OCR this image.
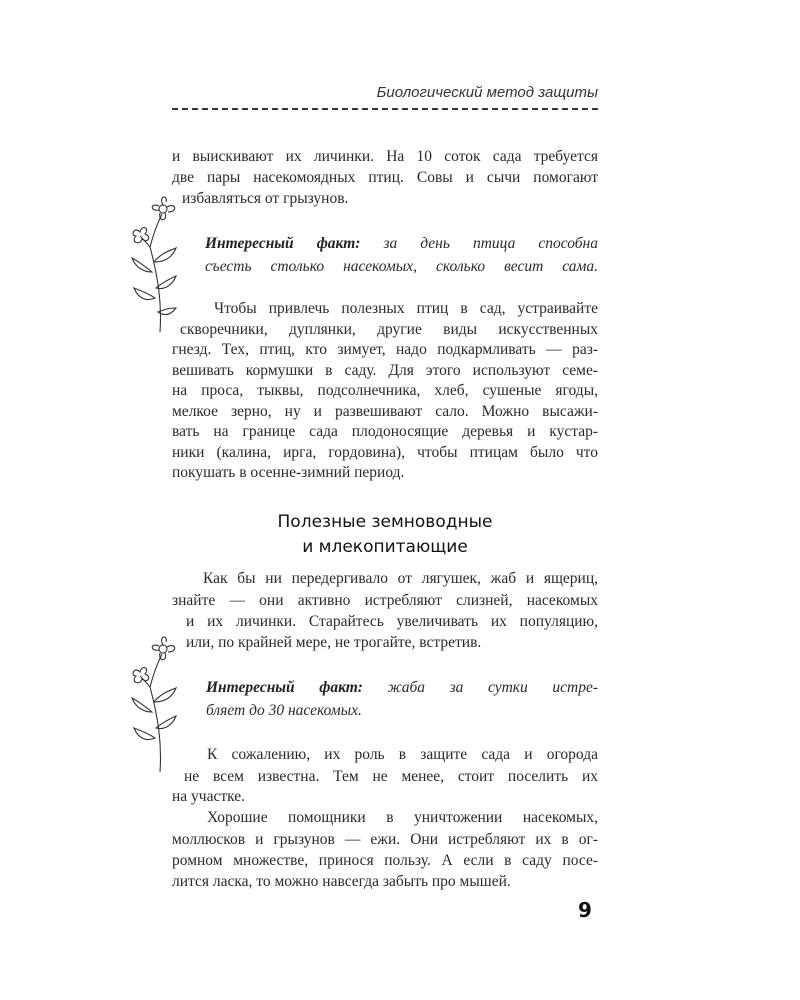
Биологический метод защиты
и выискивают их личинки. На 10 соток сада требуется
две пары насекомоядных птиц. Совы и сычи помогают
избавляться от грызунов.
Интересный факт: за день птица способна
съесть столько насекомых, сколько весит сама.
Чтобы привлечь полезных птиц в сад, устраивайте
скворечники, дуплянки, другие виды искусственных
гнезд. Тех, птиц, кто зимует, надо подкармливать — раз-
вешивать кормушки в саду. Для этого используют семе-
на проса, тыквы, подсолнечника, хлеб, сушеные ягоды,
мелкое зерно, ну и развешивают сало. Можно высажи-
вать на границе сада плодоносящие деревья и кустар-
ники (калина, ирга, гордовина), чтобы птицам было что
покушать в осенне-зимний период.
Полезные земноводные
и млекопитающие
Как бы ни передергивало от лягушек, жаб и ящериц,
знайте — они активно истребляют слизней, насекомых
и их личинки. Старайтесь увеличивать их популяцию,
или, по крайней мере, не трогайте, встретив.
Интересный факт: жаба за сутки истре-
бляет до 30 насекомых.
К сожалению, их роль в защите сада и огорода
не всем известна. Тем не менее, стоит поселить их
на участке.
Хорошие помощники в уничтожении насекомых,
моллюсков и грызунов — ежи. Они истребляют их в ог-
ромном множестве, принося пользу. А если в саду посе-
лится ласка, то можно навсегда забыть про мышей.
9
